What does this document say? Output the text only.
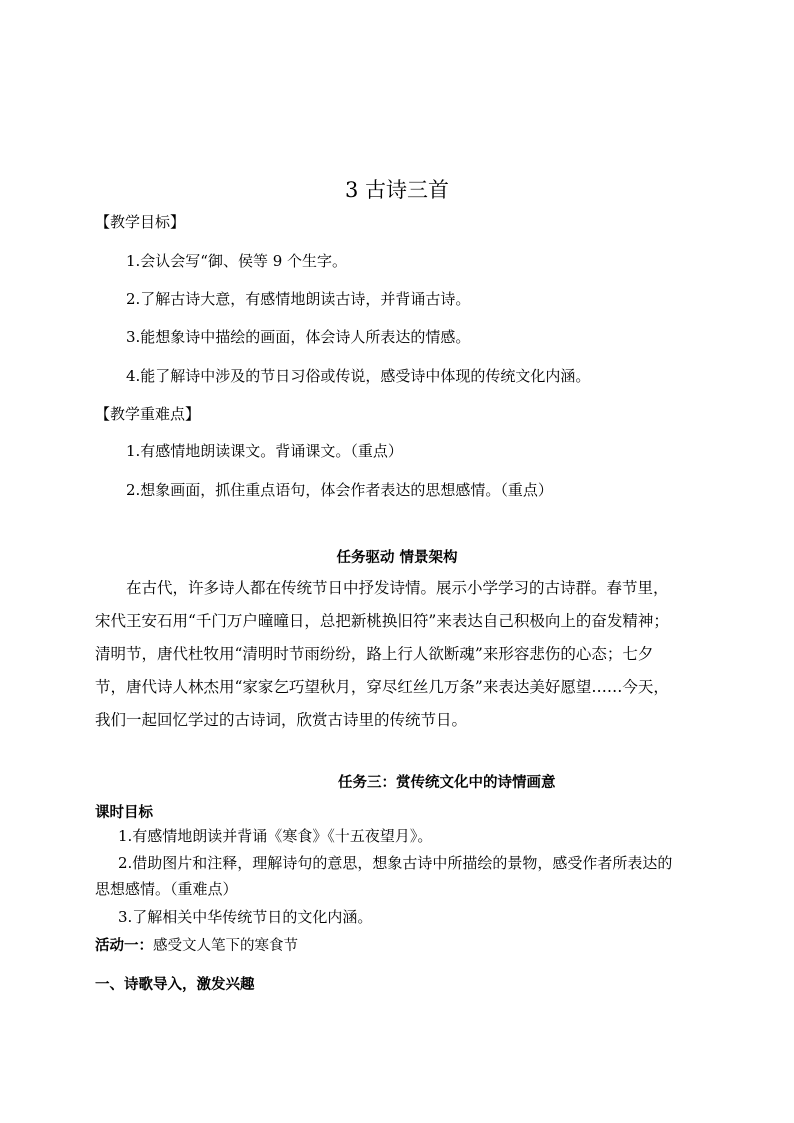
3 古诗三首
【教学目标】
1.会认会写“御、侯等 9 个生字。
2.了解古诗大意，有感情地朗读古诗，并背诵古诗。
3.能想象诗中描绘的画面，体会诗人所表达的情感。
4.能了解诗中涉及的节日习俗或传说，感受诗中体现的传统文化内涵。
【教学重难点】
1.有感情地朗读课文。背诵课文。（重点）
2.想象画面，抓住重点语句，体会作者表达的思想感情。（重点）
任务驱动 情景架构

　　在古代，许多诗人都在传统节日中抒发诗情。展示小学学习的古诗群。春节里，

宋代王安石用“千门万户曈曈日，总把新桃换旧符”来表达自己积极向上的奋发精神；

清明节，唐代杜牧用“清明时节雨纷纷，路上行人欲断魂”来形容悲伤的心态；七夕

节，唐代诗人林杰用“家家乞巧望秋月，穿尽红丝几万条”来表达美好愿望……今天，

我们一起回忆学过的古诗词，欣赏古诗里的传统节日。

任务三：赏传统文化中的诗情画意
课时目标
1.有感情地朗读并背诵《寒食》《十五夜望月》。
2.借助图片和注释，理解诗句的意思，想象古诗中所描绘的景物，感受作者所表达的
思想感情。（重难点）
3.了解相关中华传统节日的文化内涵。
活动一：感受文人笔下的寒食节
一、诗歌导入，激发兴趣
